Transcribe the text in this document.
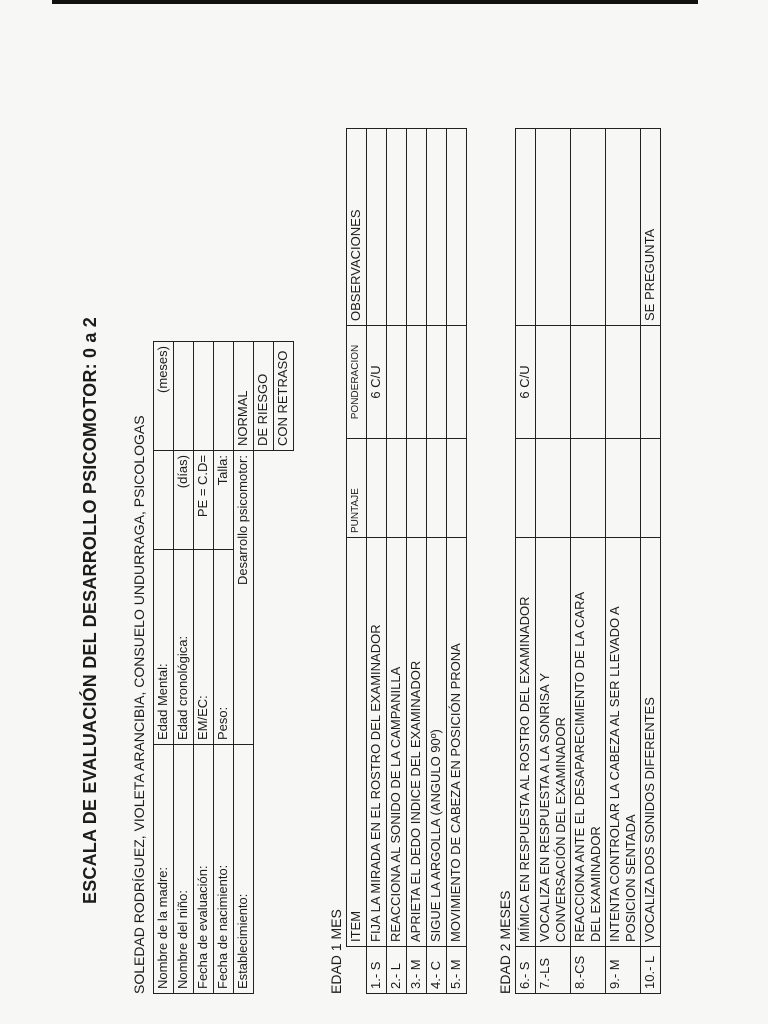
ESCALA DE EVALUACIÓN DEL DESARROLLO PSICOMOTOR: 0 a 2 SOLEDAD RODRÍGUEZ, VIOLETA ARANCIBIA, CONSUELO UNDURRAGA, PSICOLOGAS Nombre de la madre:	Edad Mental:		(meses)
Nombre del niño:	Edad cronológica:	(días)	
Fecha de evaluación:	EM/EC:	PE = C.D=	
Fecha de nacimiento:	Peso:	Talla:	
Establecimiento:	Desarrollo psicomotor:		NORMAL
			DE RIESGO
			CON RETRASO
EDAD 1 MES
	ITEM	PUNTAJE	PONDERACION	OBSERVACIONES
1.- S	FIJA LA MIRADA EN EL ROSTRO DEL EXAMINADOR		6 C/U	
2.- L	REACCIONA AL SONIDO DE LA CAMPANILLA			
3.- M	APRIETA EL DEDO INDICE DEL EXAMINADOR			
4.- C	SIGUE LA ARGOLLA (ANGULO 90º)			
5.- M	MOVIMIENTO DE CABEZA EN POSICIÓN PRONA			
EDAD 2 MESES 6.- S	MÍMICA EN RESPUESTA AL ROSTRO DEL EXAMINADOR		6 C/U	
7.-LS	VOCALIZA EN RESPUESTA A LA SONRISA Y CONVERSACIÓN DEL EXAMINADOR			

8.-CS	REACCIONA ANTE EL DESAPARECIMIENTO DE LA CARA DEL EXAMINADOR			

9.- M	INTENTA CONTROLAR LA CABEZA AL SER LLEVADO A POSICION SENTADA			

10.- L	VOCALIZA DOS SONIDOS DIFERENTES			SE PREGUNTA
